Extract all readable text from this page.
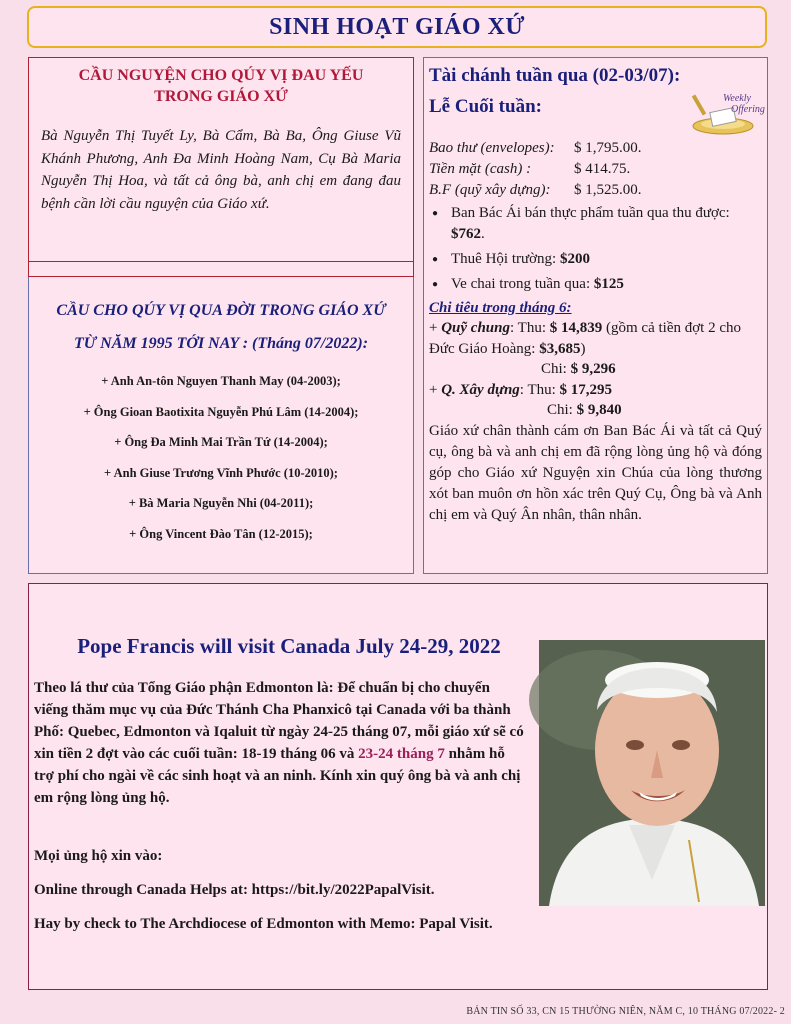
SINH HOẠT GIÁO XỨ
CẦU NGUYỆN CHO QÚY VỊ ĐAU YẾU
TRONG GIÁO XỨ

Bà Nguyễn Thị Tuyết Ly, Bà Cẩm, Bà Ba, Ông Giuse Vũ Khánh Phương, Anh Đa Minh Hoàng Nam, Cụ Bà Maria Nguyễn Thị Hoa, và tất cả ông bà, anh chị em đang đau bệnh cần lời cầu nguyện của Giáo xứ.

CẦU CHO QÚY VỊ QUA ĐỜI TRONG GIÁO XỨ
TỪ NĂM 1995 TỚI NAY : (Tháng 07/2022):
+ Anh An-tôn Nguyen Thanh May (04-2003);
+ Ông Gioan Baotixita Nguyễn Phú Lâm (14-2004);
+ Ông Đa Minh Mai Trần Tứ (14-2004);
+ Anh Giuse Trương Vĩnh Phước (10-2010);
+ Bà Maria Nguyễn Nhi (04-2011);
+ Ông Vincent Đào Tân (12-2015);
Tài chánh tuần qua (02-03/07):
Lễ Cuối tuần:	Weekly
Offering
Bao thư (envelopes):	$ 1,795.00.
Tiền mặt (cash) :	$ 414.75.
B.F (quỹ xây dựng):	$ 1,525.00.
● Ban Bác Ái bán thực phẩm tuần qua thu được: $762.
● Thuê Hội trường: $200
● Ve chai trong tuần qua: $125
Chi tiêu trong tháng 6:
+ Quỹ chung: Thu: $ 14,839 (gồm cả tiền đợt 2 cho Đức Giáo Hoàng: $3,685)
Chi: $ 9,296
+ Q. Xây dựng: Thu: $ 17,295
Chi: $ 9,840

Giáo xứ chân thành cám ơn Ban Bác Ái và tất cả Quý cụ, ông bà và anh chị em đã rộng lòng ủng hộ và đóng góp cho Giáo xứ Nguyện xin Chúa của lòng thương xót ban muôn ơn hồn xác trên Quý Cụ, Ông bà và Anh chị em và Quý Ân nhân, thân nhân.

Pope Francis will visit Canada July 24-29, 2022

Theo lá thư của Tổng Giáo phận Edmonton là: Để chuẩn bị cho chuyến viếng thăm mục vụ của Đức Thánh Cha Phanxicô tại Canada với ba thành Phố: Quebec, Edmonton và Iqaluit từ ngày 24-25 tháng 07, mỗi giáo xứ sẽ có xin tiền 2 đợt vào các cuối tuần: 18-19 tháng 06 và 23-24 tháng 7 nhằm hỗ trợ phí cho ngài về các sinh hoạt và an ninh. Kính xin quý ông bà và anh chị em rộng lòng ủng hộ.

Mọi ủng hộ xin vào:
Online through Canada Helps at: https://bit.ly/2022PapalVisit.
Hay by check to The Archdiocese of Edmonton with Memo: Papal Visit.
BẢN TIN SỐ 33, CN 15 THƯỜNG NIÊN, NĂM C, 10 THÁNG 07/2022- 2
